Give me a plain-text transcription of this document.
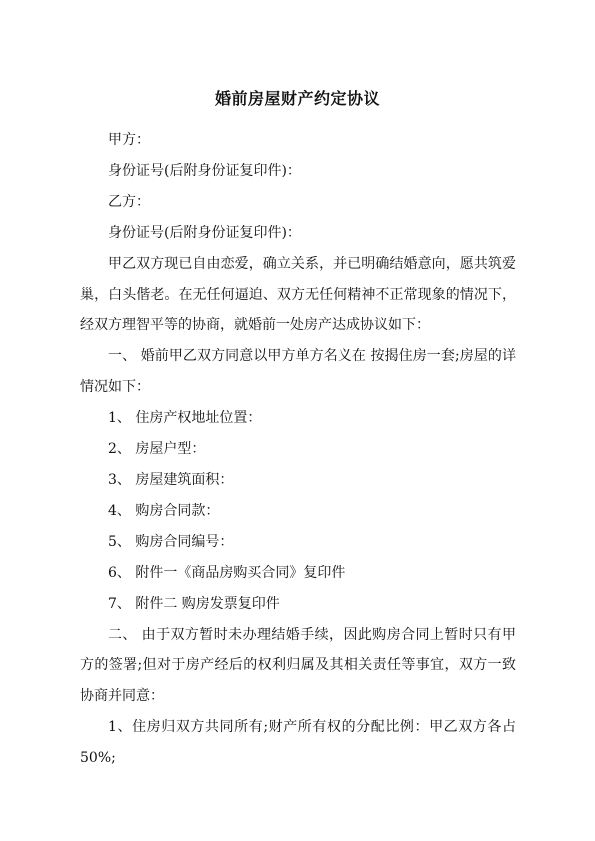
婚前房屋财产约定协议

甲方：

身份证号(后附身份证复印件)：

乙方：

身份证号(后附身份证复印件)：

甲乙双方现已自由恋爱，确立关系，并已明确结婚意向，愿共筑爱巢，白头偕老。在无任何逼迫、双方无任何精神不正常现象的情况下，经双方理智平等的协商，就婚前一处房产达成协议如下：

一、 婚前甲乙双方同意以甲方单方名义在 按揭住房一套;房屋的详情况如下：

1、 住房产权地址位置：

2、 房屋户型：

3、 房屋建筑面积：

4、 购房合同款：

5、 购房合同编号：

6、 附件一《商品房购买合同》复印件

7、 附件二 购房发票复印件

二、 由于双方暂时未办理结婚手续，因此购房合同上暂时只有甲方的签署;但对于房产经后的权利归属及其相关责任等事宜，双方一致协商并同意：

1、住房归双方共同所有;财产所有权的分配比例：甲乙双方各占 50%;
